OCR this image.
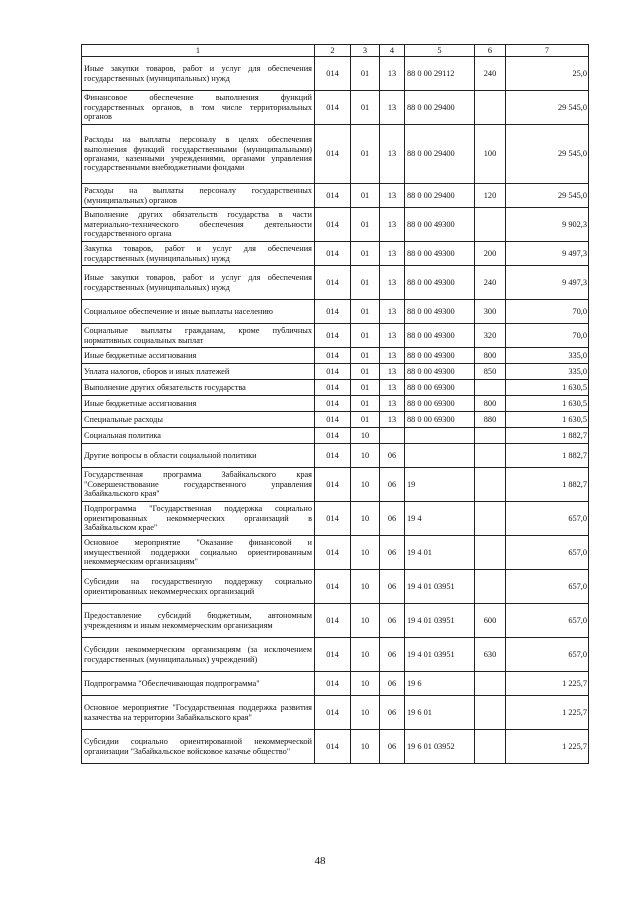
1	2	3	4	5	6	7
Иные закупки товаров, работ и услуг для обеспечения государственных (муниципальных) нужд	014	01	13	88 0 00 29112	240	25,0
Финансовое обеспечение выполнения функций государственных органов, в том числе территориальных органов	014	01	13	88 0 00 29400		29 545,0
Расходы на выплаты персоналу в целях обеспечения выполнения функций государственными (муниципальными) органами, казенными учреждениями, органами управления государственными внебюджетными фондами	014	01	13	88 0 00 29400	100	29 545,0
Расходы на выплаты персоналу государственных (муниципальных) органов	014	01	13	88 0 00 29400	120	29 545,0
Выполнение других обязательств государства в части материально-технического обеспечения деятельности государственного органа	014	01	13	88 0 00 49300		9 902,3
Закупка товаров, работ и услуг для обеспечения государственных (муниципальных) нужд	014	01	13	88 0 00 49300	200	9 497,3
Иные закупки товаров, работ и услуг для обеспечения государственных (муниципальных) нужд	014	01	13	88 0 00 49300	240	9 497,3
Социальное обеспечение и иные выплаты населению	014	01	13	88 0 00 49300	300	70,0
Социальные выплаты гражданам, кроме публичных нормативных социальных выплат	014	01	13	88 0 00 49300	320	70,0
Иные бюджетные ассигнования	014	01	13	88 0 00 49300	800	335,0
Уплата налогов, сборов и иных платежей	014	01	13	88 0 00 49300	850	335,0
Выполнение других обязательств государства	014	01	13	88 0 00 69300		1 630,5
Иные бюджетные ассигнования	014	01	13	88 0 00 69300	800	1 630,5
Специальные расходы	014	01	13	88 0 00 69300	880	1 630,5
Социальная политика	014	10				1 882,7
Другие вопросы в области социальной политики	014	10	06			1 882,7
Государственная программа Забайкальского края "Совершенствование государственного управления Забайкальского края"	014	10	06	19		1 882,7
Подпрограмма "Государственная поддержка социально ориентированных некоммерческих организаций в Забайкальском крае"	014	10	06	19 4		657,0
Основное мероприятие "Оказание финансовой и имущественной поддержки социально ориентированным некоммерческим организациям"	014	10	06	19 4 01		657,0
Субсидии на государственную поддержку социально ориентированных некоммерческих организаций	014	10	06	19 4 01 03951		657,0
Предоставление субсидий бюджетным, автономным учреждениям и иным некоммерческим организациям	014	10	06	19 4 01 03951	600	657,0
Субсидии некоммерческим организациям (за исключением государственных (муниципальных) учреждений)	014	10	06	19 4 01 03951	630	657,0
Подпрограмма "Обеспечивающая подпрограмма"	014	10	06	19 6		1 225,7
Основное мероприятие "Государственная поддержка развития казачества на территории Забайкальского края"	014	10	06	19 6 01		1 225,7
Субсидии социально ориентированной некоммерческой организации "Забайкальское войсковое казачье общество"	014	10	06	19 6 01 03952		1 225,7
48
